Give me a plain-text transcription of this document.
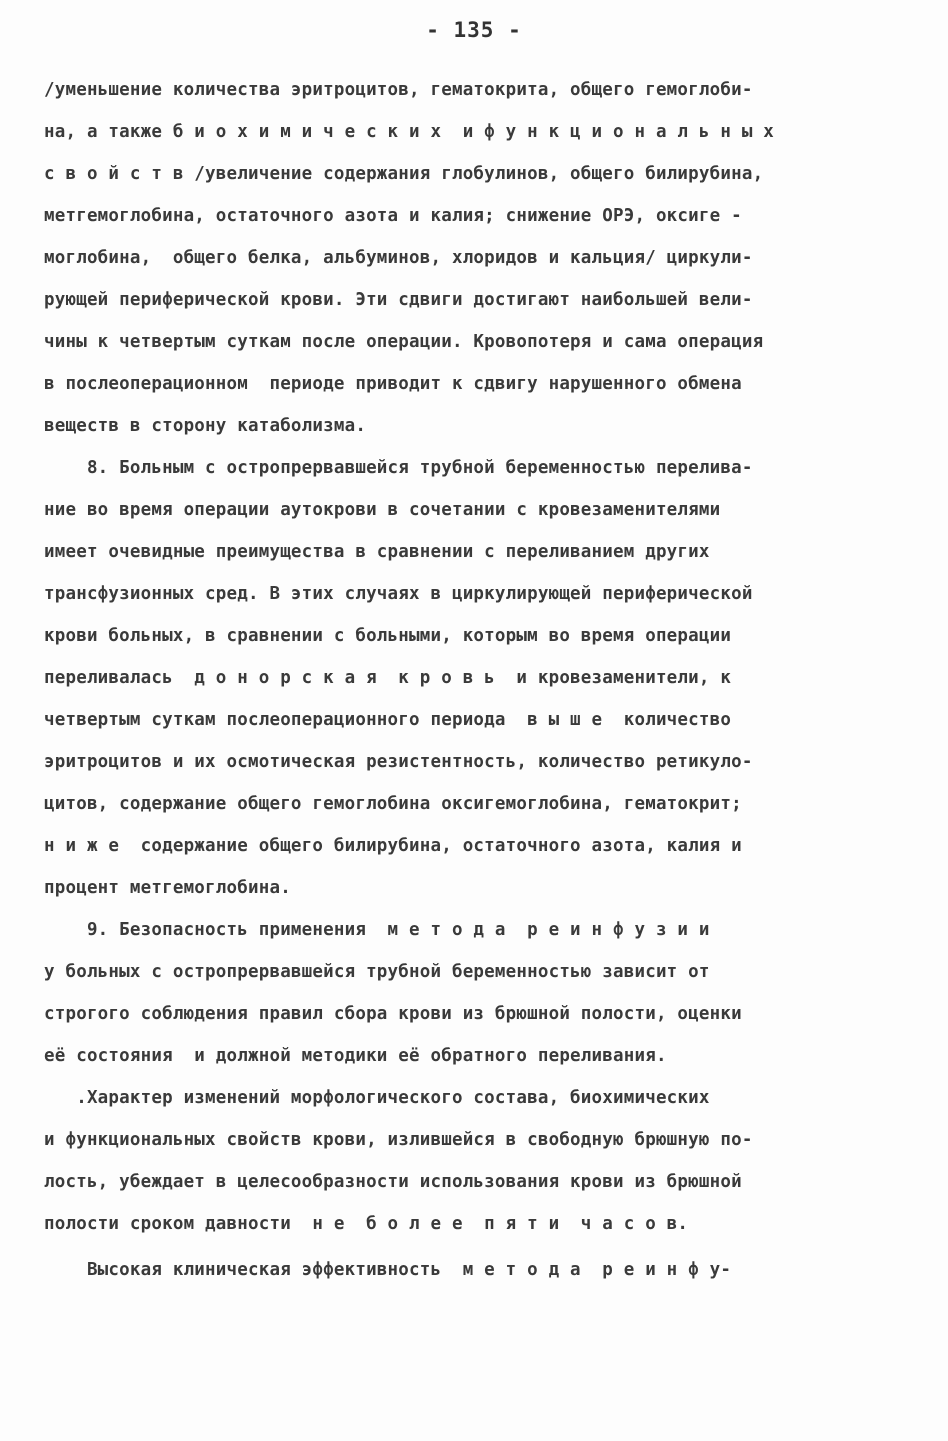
- 135 -
/уменьшение количества эритроцитов, гематокрита, общего гемоглоби-
на, а также б и о х и м и ч е с к и х  и ф у н к ц и о н а л ь н ы х
с в о й с т в /увеличение содержания глобулинов, общего билирубина,
метгемоглобина, остаточного азота и калия; снижение ОРЭ, оксиге -
моглобина,  общего белка, альбуминов, хлоридов и кальция/ циркули-
рующей периферической крови. Эти сдвиги достигают наибольшей вели-
чины к четвертым суткам после операции. Кровопотеря и сама операция
в послеоперационном  периоде приводит к сдвигу нарушенного обмена
веществ в сторону катаболизма.
8. Больным с остропрервавшейся трубной беременностью перелива-
ние во время операции аутокрови в сочетании с кровезаменителями
имеет очевидные преимущества в сравнении с переливанием других
трансфузионных сред. В этих случаях в циркулирующей периферической
крови больных, в сравнении с больными, которым во время операции
переливалась  д о н о р с к а я  к р о в ь  и кровезаменители, к
четвертым суткам послеоперационного периода  в ы ш е  количество
эритроцитов и их осмотическая резистентность, количество ретикуло-
цитов, содержание общего гемоглобина оксигемоглобина, гематокрит;
н и ж е  содержание общего билирубина, остаточного азота, калия и
процент метгемоглобина.
9. Безопасность применения  м е т о д а  р е и н ф у з и и
у больных с остропрервавшейся трубной беременностью зависит от
строгого соблюдения правил сбора крови из брюшной полости, оценки
её состояния  и должной методики её обратного переливания.
.Характер изменений морфологического состава, биохимических
и функциональных свойств крови, излившейся в свободную брюшную по-
лость, убеждает в целесообразности использования крови из брюшной
полости сроком давности  н е  б о л е е  п я т и  ч а с о в.
Высокая клиническая эффективность  м е т о д а  р е и н ф у-
